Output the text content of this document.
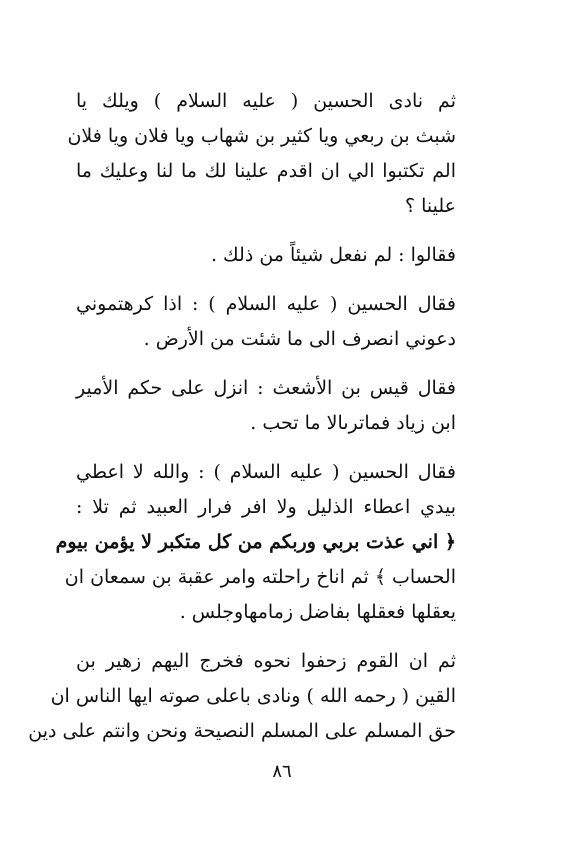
ثم نادى الحسين ( عليه السلام ) ويلك يا
شبث بن ربعي ويا كثير بن شهاب ويا فلان ويا فلان
الم تكتبوا الي ان اقدم علينا لك ما لنا وعليك ما
علينا ؟

فقالوا : لم نفعل شيئاً من ذلك .

فقال الحسين ( عليه السلام ) : اذا كرهتموني
دعوني انصرف الى ما شئت من الأرض .

فقال قيس بن الأشعث : انزل على حكم الأمير
ابن زياد فماترىالا ما تحب .

فقال الحسين ( عليه السلام ) : والله لا اعطي
بيدي اعطاء الذليل ولا افر فرار العبيد ثم تلا :
﴿ اني عذت بربي وربكم من كل متكبر لا يؤمن بيوم
الحساب ﴾ ثم اناخ راحلته وامر عقبة بن سمعان ان
يعقلها فعقلها بفاضل زمامهاوجلس .

ثم ان القوم زحفوا نحوه فخرج اليهم زهير بن
القين ( رحمه الله ) ونادى باعلى صوته ايها الناس ان
حق المسلم على المسلم النصيحة ونحن وانتم على دين

٨٦
